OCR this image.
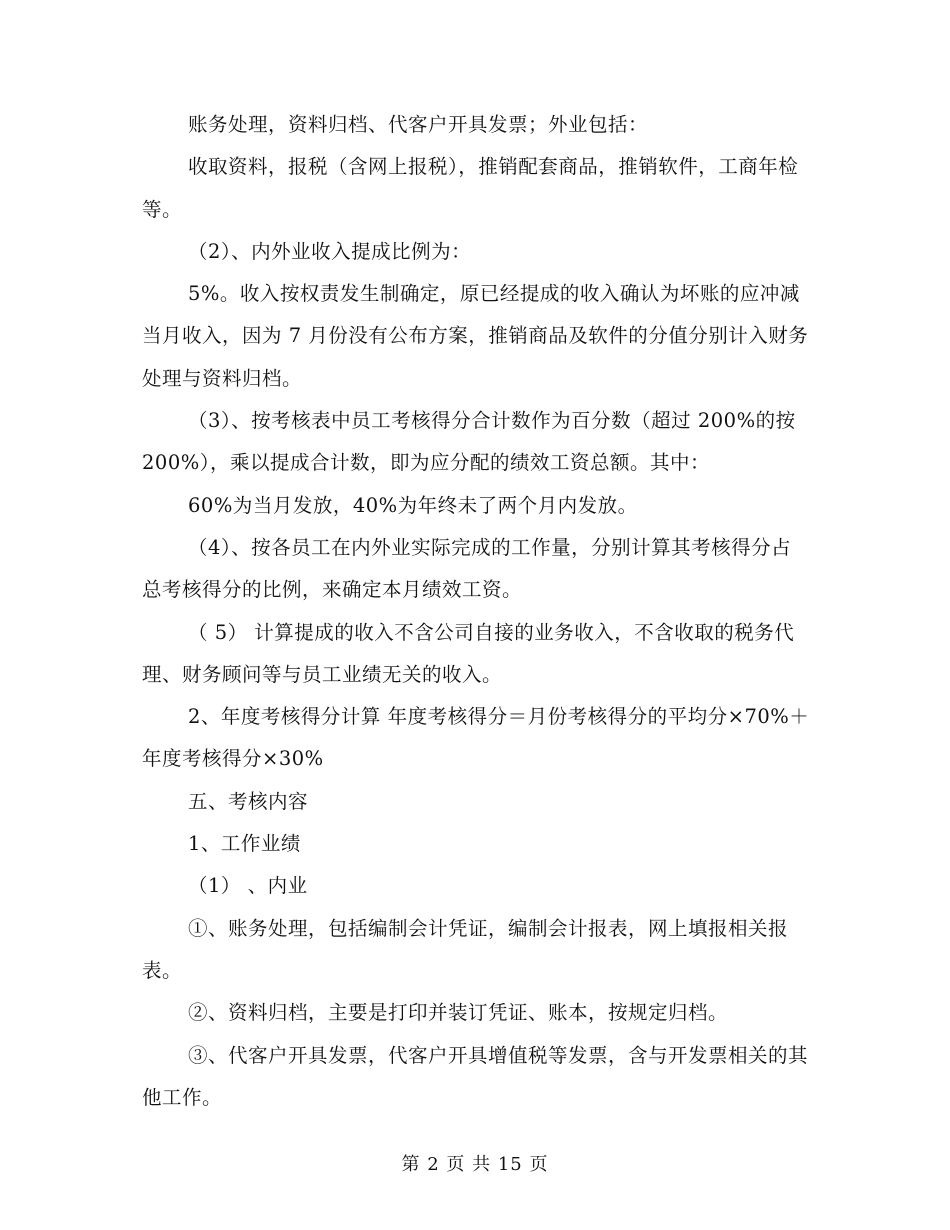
账务处理，资料归档、代客户开具发票；外业包括：

收取资料，报税（含网上报税），推销配套商品，推销软件，工商年检等。

（2）、内外业收入提成比例为：

5%。收入按权责发生制确定，原已经提成的收入确认为坏账的应冲减当月收入，因为 7 月份没有公布方案，推销商品及软件的分值分别计入财务处理与资料归档。

（3）、按考核表中员工考核得分合计数作为百分数（超过 200%的按 200%），乘以提成合计数，即为应分配的绩效工资总额。其中：

60%为当月发放，40%为年终未了两个月内发放。

（4）、按各员工在内外业实际完成的工作量，分别计算其考核得分占总考核得分的比例，来确定本月绩效工资。

（ 5） 计算提成的收入不含公司自接的业务收入，不含收取的税务代理、财务顾问等与员工业绩无关的收入。

2、年度考核得分计算 年度考核得分＝月份考核得分的平均分×70%＋年度考核得分×30%

五、考核内容

1、工作业绩

（1） 、内业

①、账务处理，包括编制会计凭证，编制会计报表，网上填报相关报表。

②、资料归档，主要是打印并装订凭证、账本，按规定归档。

③、代客户开具发票，代客户开具增值税等发票，含与开发票相关的其他工作。

第 2 页 共 15 页
